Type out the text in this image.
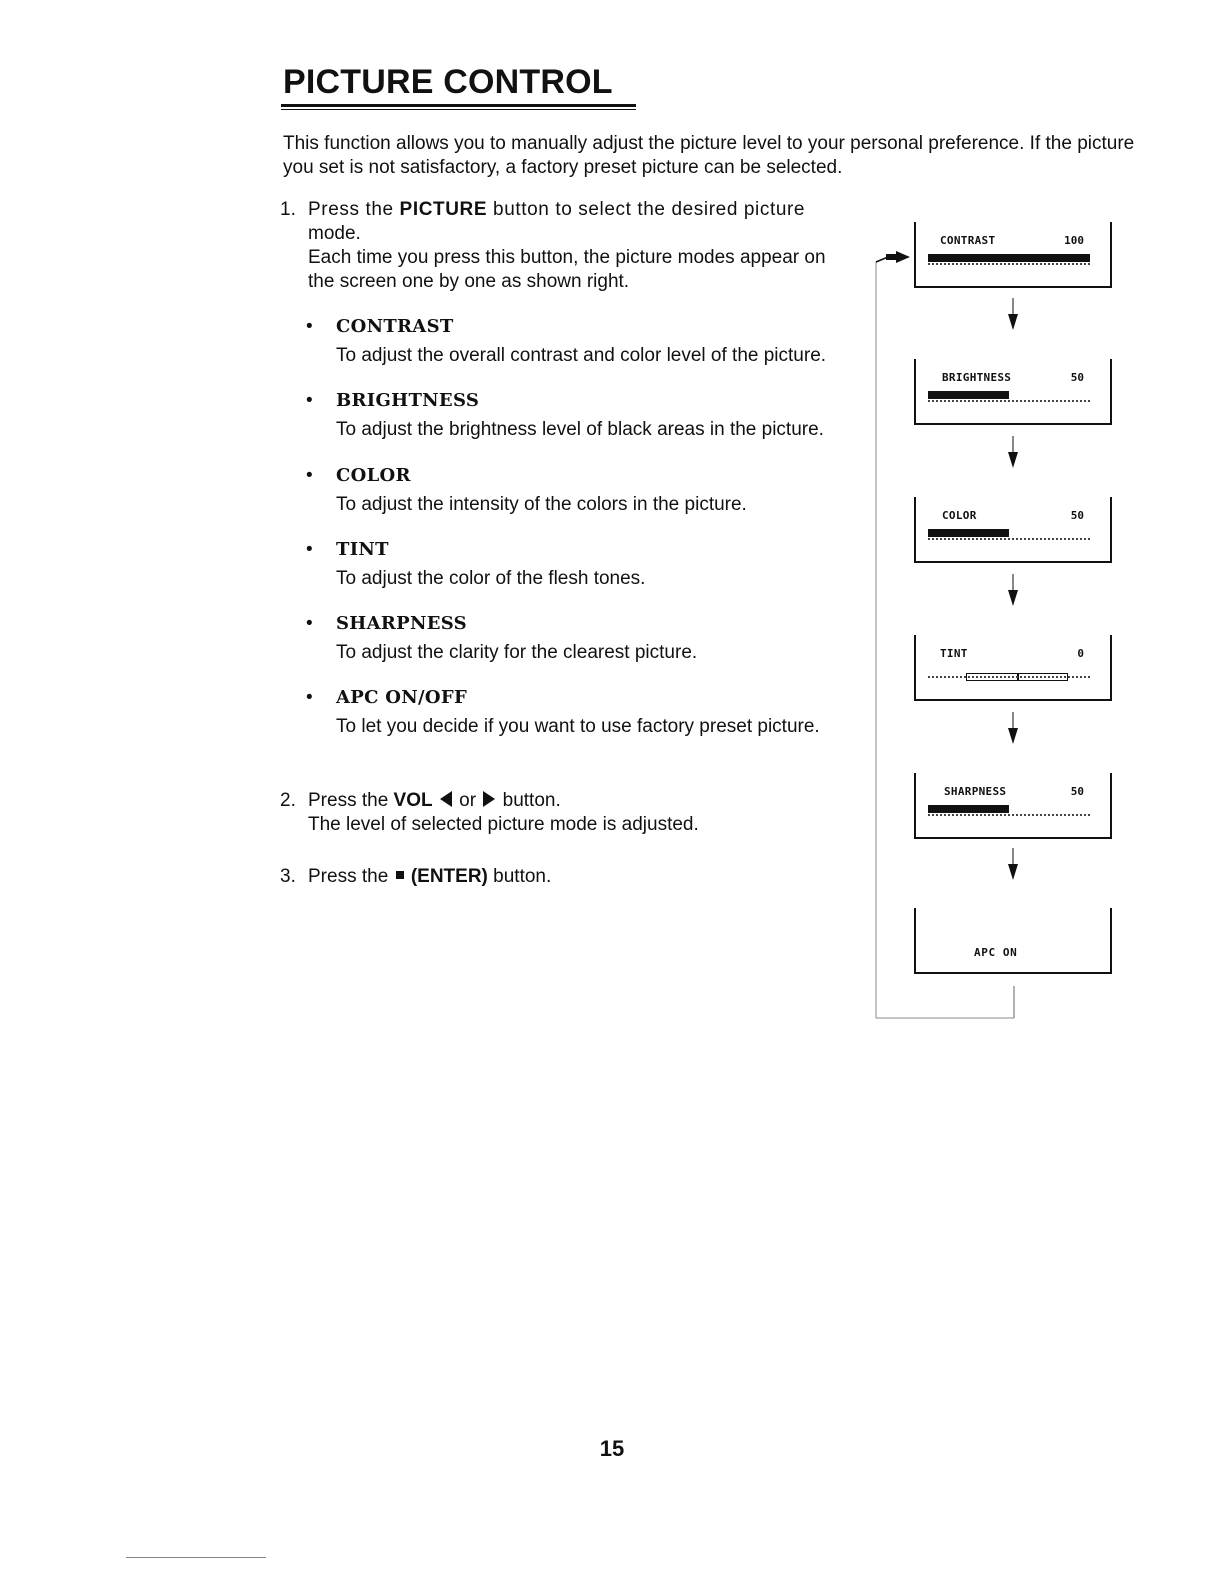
PICTURE CONTROL

This function allows you to manually adjust the picture level to your personal preference. If the picture you set is not satisfactory, a factory preset picture can be selected.

1. Press the PICTURE button to select the desired picture
mode.
Each time you press this button, the picture modes appear on
the screen one by one as shown right.
• CONTRAST
To adjust the overall contrast and color level of the picture.
• BRIGHTNESS
To adjust the brightness level of black areas in the picture.
• COLOR
To adjust the intensity of the colors in the picture.
• TINT
To adjust the color of the flesh tones.
• SHARPNESS
To adjust the clarity for the clearest picture.
• APC ON/OFF
To let you decide if you want to use factory preset picture.
2. Press the VOL  or  button.
The level of selected picture mode is adjusted.
3. Press the  (ENTER) button.
CONTRAST	100
BRIGHTNESS	50
COLOR	50
TINT	0
SHARPNESS	50
APC ON
15
